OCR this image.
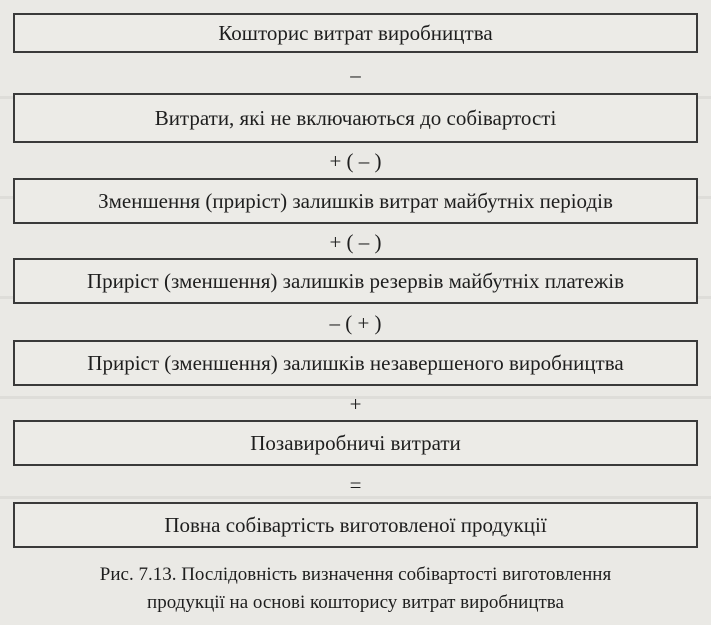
Кошторис витрат виробництва
–
Витрати, які не включаються до собівартості
+ ( – )
Зменшення (приріст) залишків витрат майбутніх періодів
+ ( – )
Приріст (зменшення) залишків резервів майбутніх платежів
– ( + )
Приріст (зменшення) залишків незавершеного виробництва
+
Позавиробничі витрати
=
Повна собівартість виготовленої продукції
Рис. 7.13. Послідовність визначення собівартості виготовлення
продукції на основі кошторису витрат виробництва
